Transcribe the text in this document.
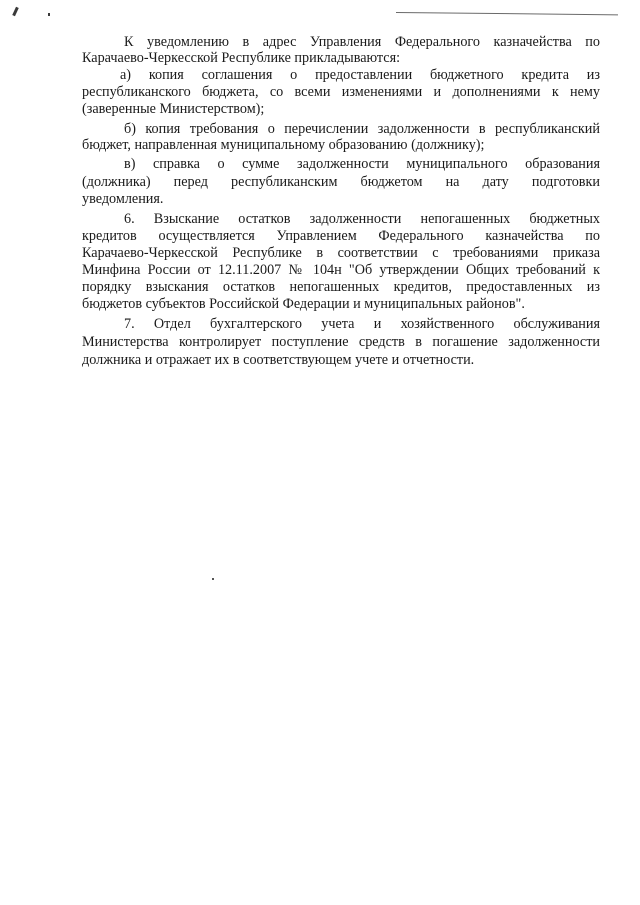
К уведомлению в адрес Управления Федерального казначейства по
Карачаево-Черкесской Республике прикладываются:
а) копия соглашения о предоставлении бюджетного кредита из
республиканского бюджета, со всеми изменениями и дополнениями к нему
(заверенные Министерством);
б) копия требования о перечислении задолженности в республиканский
бюджет, направленная муниципальному образованию (должнику);
в) справка о сумме задолженности муниципального образования
(должника) перед республиканским бюджетом на дату подготовки
уведомления.
6. Взыскание остатков задолженности непогашенных бюджетных
кредитов осуществляется Управлением Федерального казначейства по
Карачаево-Черкесской Республике в соответствии с требованиями приказа
Минфина России от 12.11.2007 № 104н "Об утверждении Общих требований к
порядку взыскания остатков непогашенных кредитов, предоставленных из
бюджетов субъектов Российской Федерации и муниципальных районов".
7. Отдел бухгалтерского учета и хозяйственного обслуживания
Министерства контролирует поступление средств в погашение задолженности
должника и отражает их в соответствующем учете и отчетности.
